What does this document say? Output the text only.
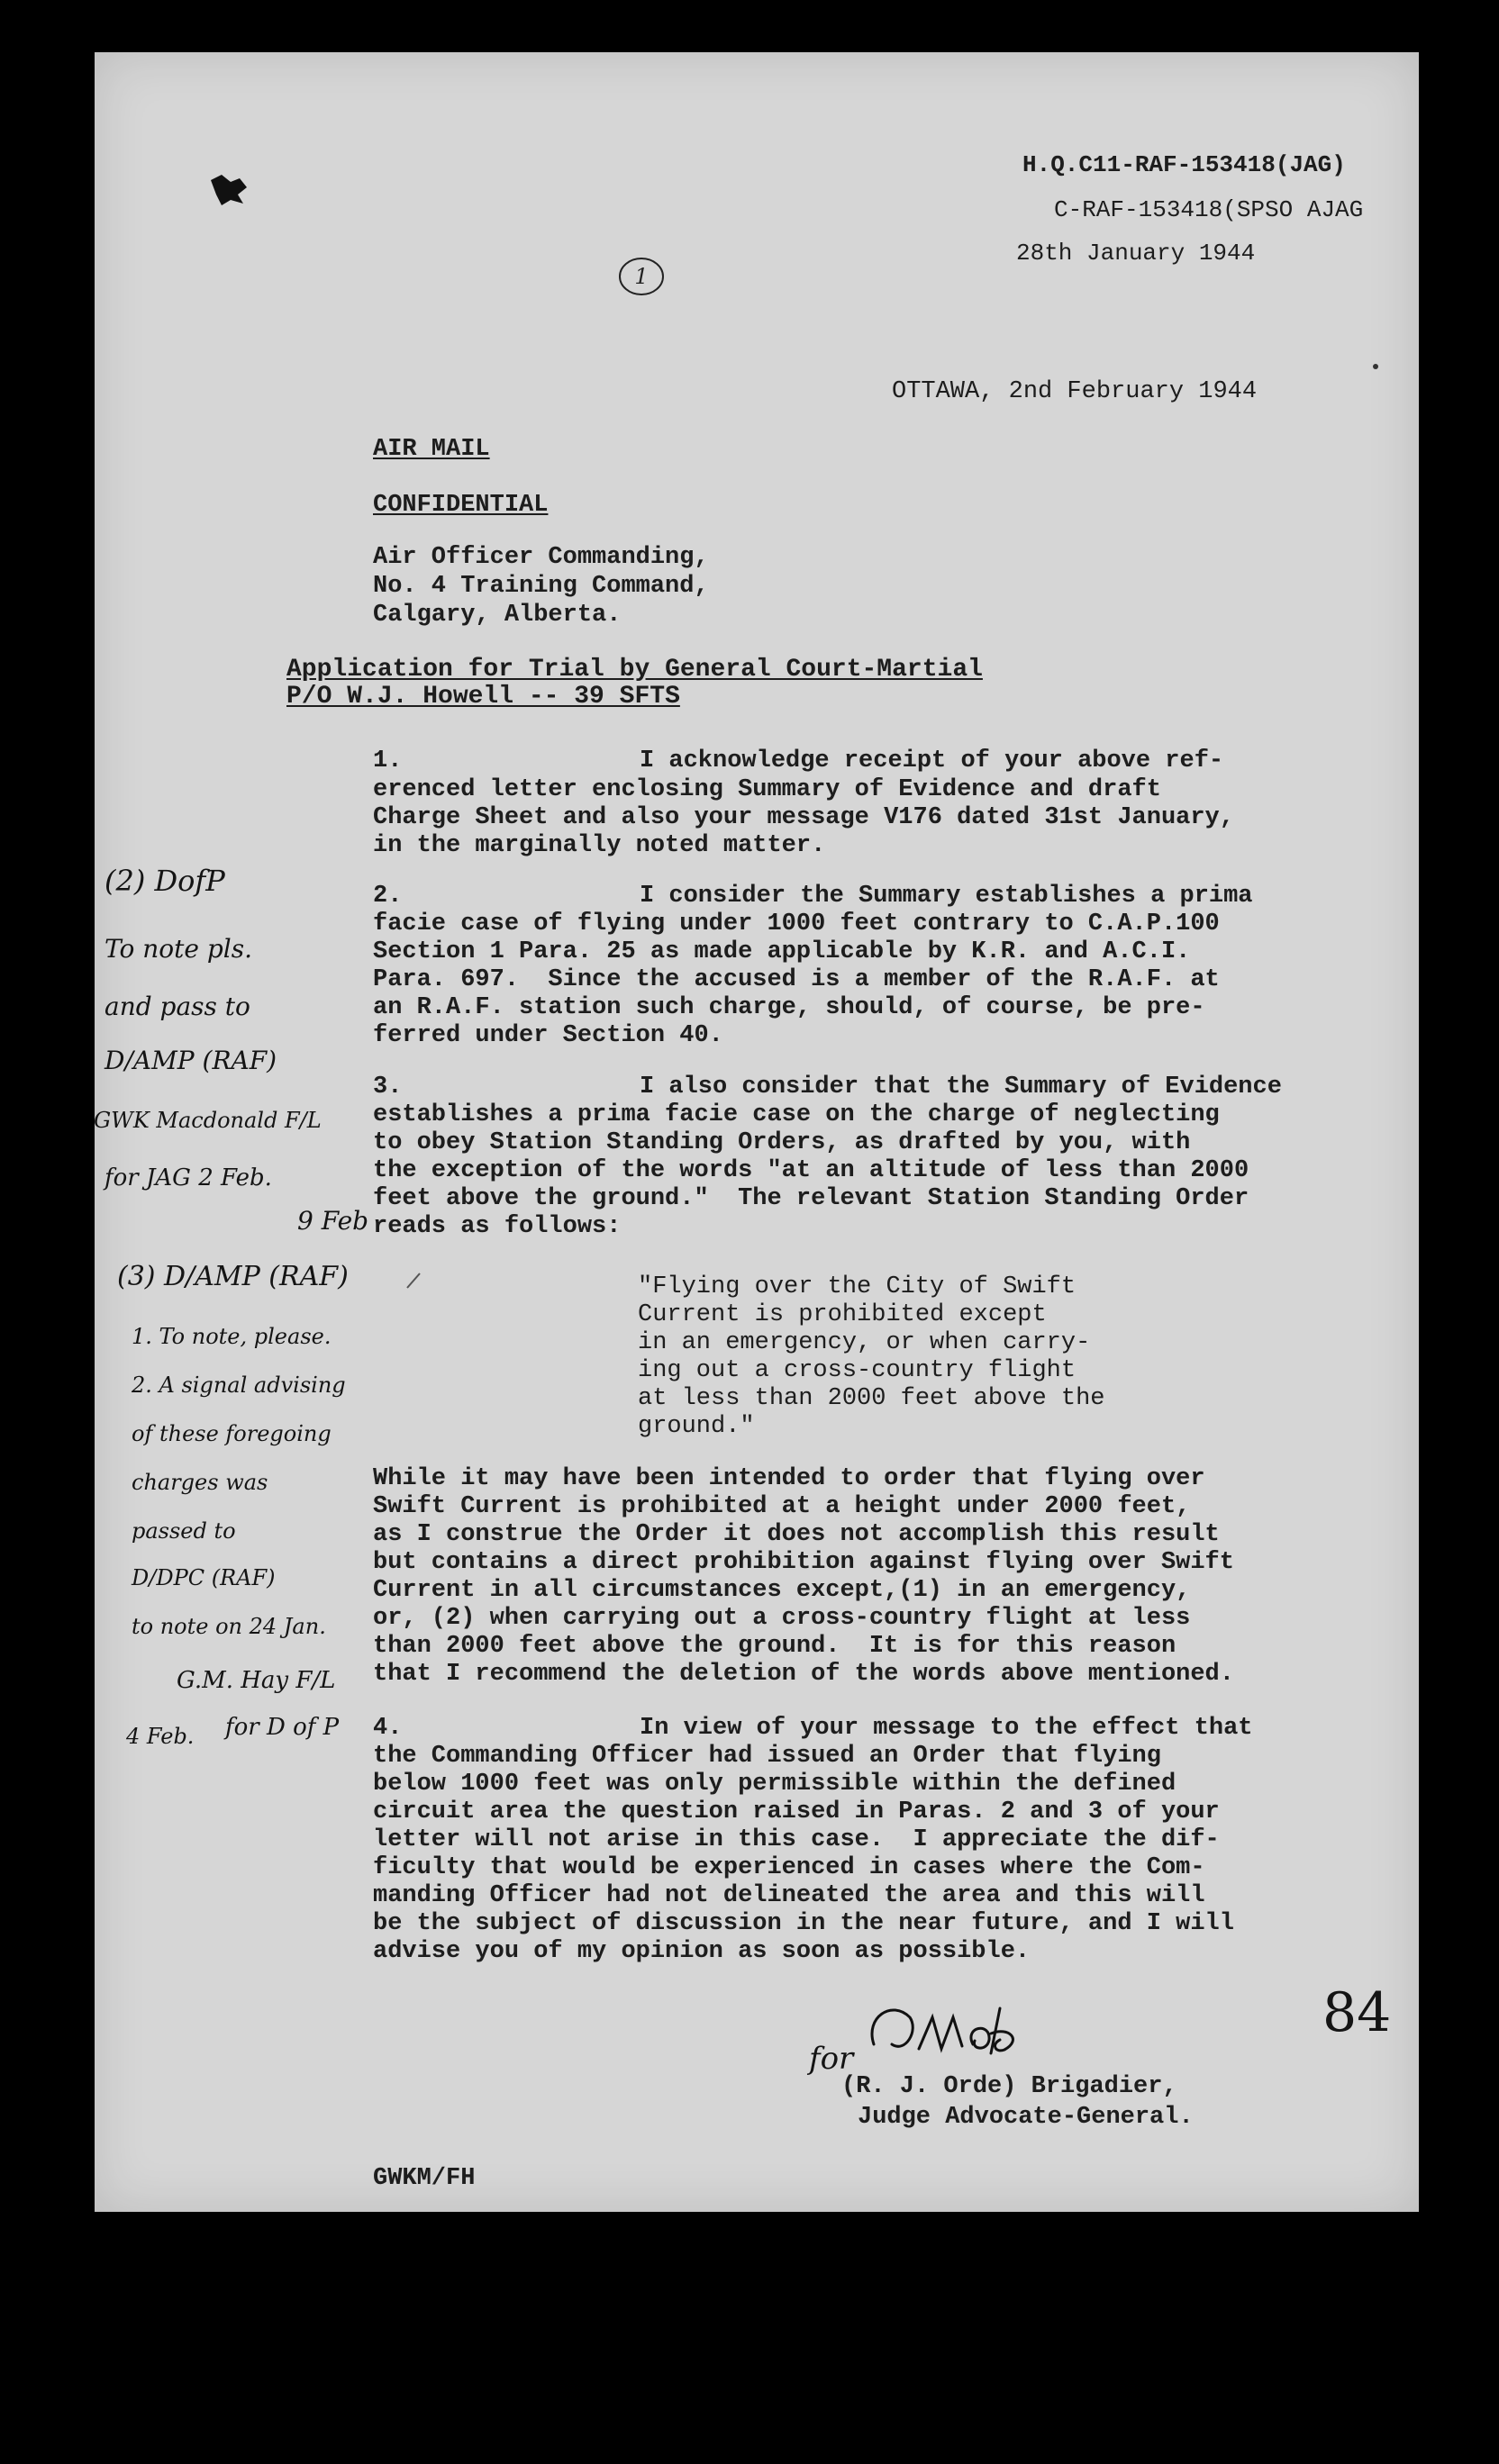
H.Q.C11-RAF-153418(JAG)
C-RAF-153418(SPSO AJAG
28th January 1944
1
OTTAWA, 2nd February 1944
AIR MAIL
CONFIDENTIAL
Air Officer Commanding,
No. 4 Training Command,
Calgary, Alberta.
Application for Trial by General Court-Martial
P/O W.J. Howell -- 39 SFTS
1.	I acknowledge receipt of your above ref-
erenced letter enclosing Summary of Evidence and draft
Charge Sheet and also your message V176 dated 31st January,
in the marginally noted matter.
2.	I consider the Summary establishes a prima
facie case of flying under 1000 feet contrary to C.A.P.100
Section 1 Para. 25 as made applicable by K.R. and A.C.I.
Para. 697.  Since the accused is a member of the R.A.F. at
an R.A.F. station such charge, should, of course, be pre-
ferred under Section 40.
3.	I also consider that the Summary of Evidence
establishes a prima facie case on the charge of neglecting
to obey Station Standing Orders, as drafted by you, with
the exception of the words "at an altitude of less than 2000
feet above the ground."  The relevant Station Standing Order
reads as follows:
"Flying over the City of Swift
Current is prohibited except
in an emergency, or when carry-
ing out a cross-country flight
at less than 2000 feet above the
ground."
While it may have been intended to order that flying over
Swift Current is prohibited at a height under 2000 feet,
as I construe the Order it does not accomplish this result
but contains a direct prohibition against flying over Swift
Current in all circumstances except,(1) in an emergency,
or, (2) when carrying out a cross-country flight at less
than 2000 feet above the ground.  It is for this reason
that I recommend the deletion of the words above mentioned.
4.	In view of your message to the effect that
the Commanding Officer had issued an Order that flying
below 1000 feet was only permissible within the defined
circuit area the question raised in Paras. 2 and 3 of your
letter will not arise in this case.  I appreciate the dif-
ficulty that would be experienced in cases where the Com-
manding Officer had not delineated the area and this will
be the subject of discussion in the near future, and I will
advise you of my opinion as soon as possible.
for
(R. J. Orde) Brigadier,
Judge Advocate-General.
84
GWKM/FH
(2) DofP
To note pls.
and pass to
D/AMP (RAF)
GWK Macdonald F/L
for JAG 2 Feb.
9 Feb
(3) D/AMP (RAF)
1. To note, please.
2. A signal advising
of these foregoing
charges was
passed to
D/DPC (RAF)
to note on 24 Jan.
G.M. Hay F/L
for D of P
4 Feb.
